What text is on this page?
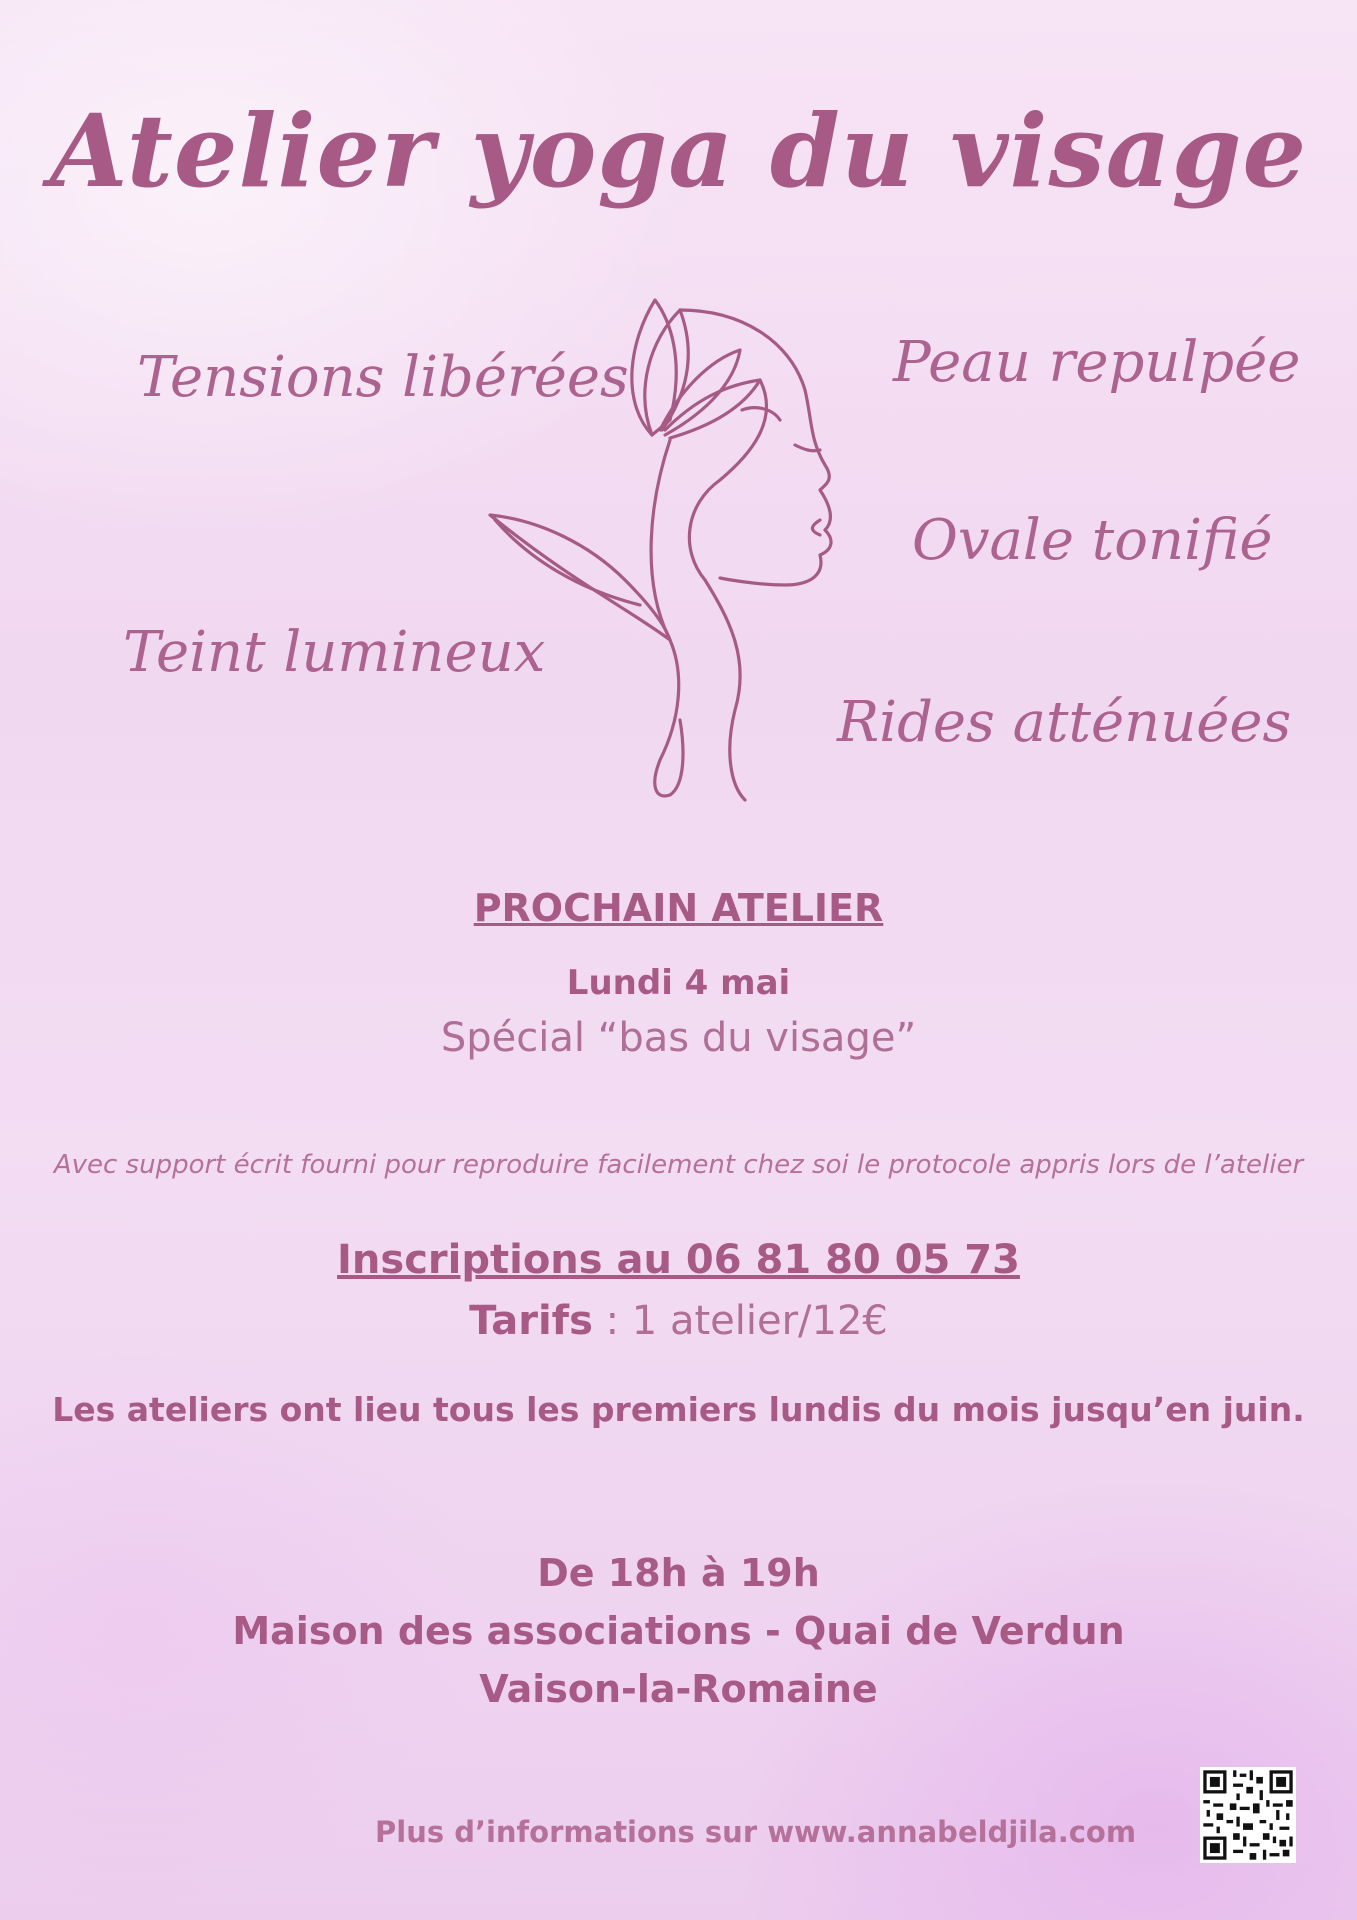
Atelier yoga du visage
Tensions libérées	Peau repulpée
Ovale tonifié
Teint lumineux
Rides atténuées
PROCHAIN ATELIER
Lundi 4 mai
Spécial “bas du visage”
Avec support écrit fourni pour reproduire facilement chez soi le protocole appris lors de l’atelier
Inscriptions au 06 81 80 05 73
Tarifs : 1 atelier/12€
Les ateliers ont lieu tous les premiers lundis du mois jusqu’en juin.
De 18h à 19h
Maison des associations - Quai de Verdun
Vaison-la-Romaine
Plus d’informations sur www.annabeldjila.com
